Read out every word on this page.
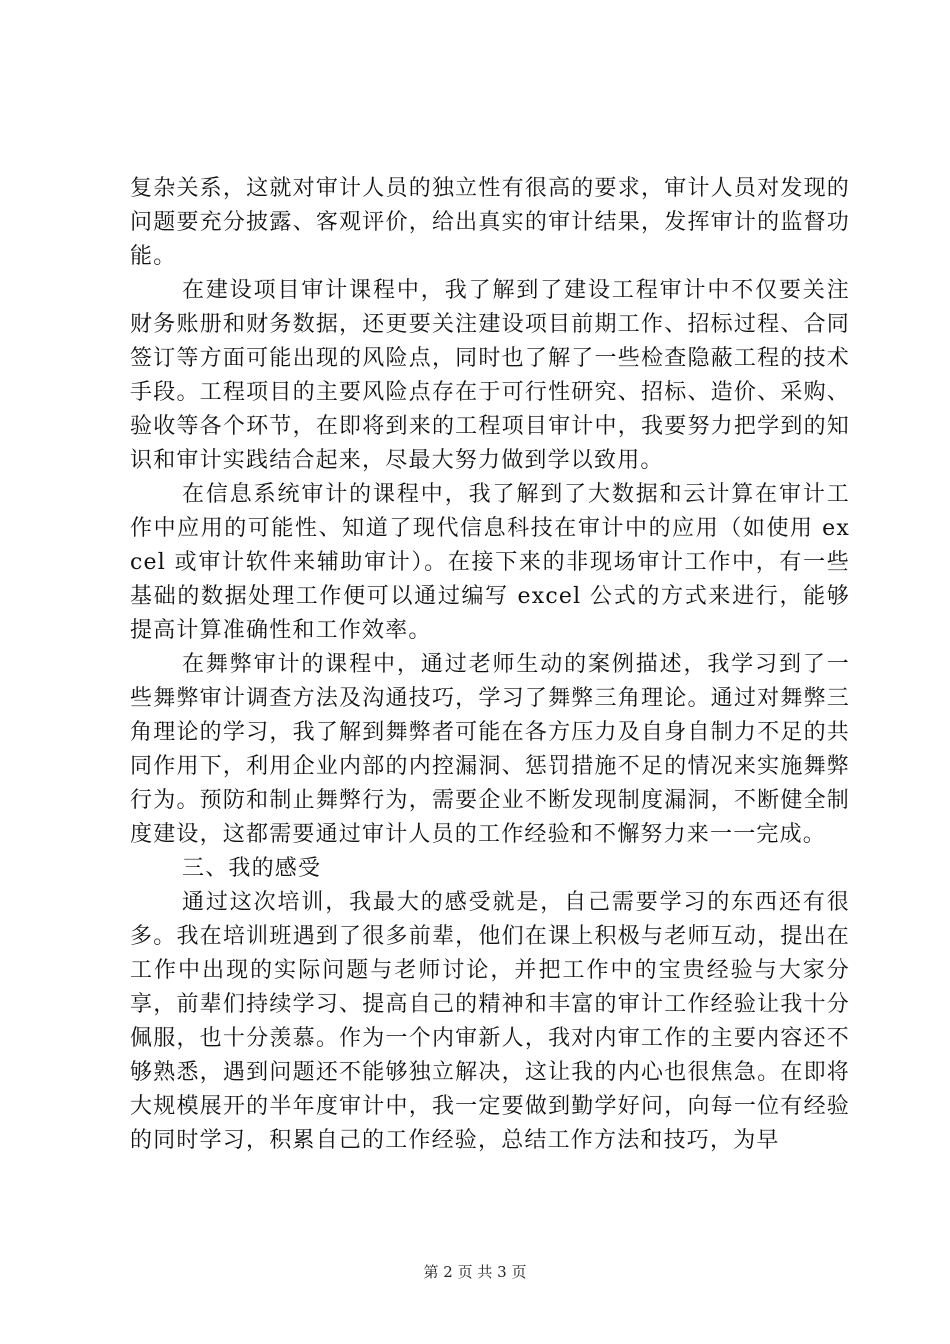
复杂关系，这就对审计人员的独立性有很高的要求，审计人员对发现的问题要充分披露、客观评价，给出真实的审计结果，发挥审计的监督功能。

在建设项目审计课程中，我了解到了建设工程审计中不仅要关注财务账册和财务数据，还更要关注建设项目前期工作、招标过程、合同签订等方面可能出现的风险点，同时也了解了一些检查隐蔽工程的技术手段。工程项目的主要风险点存在于可行性研究、招标、造价、采购、验收等各个环节，在即将到来的工程项目审计中，我要努力把学到的知识和审计实践结合起来，尽最大努力做到学以致用。

在信息系统审计的课程中，我了解到了大数据和云计算在审计工作中应用的可能性、知道了现代信息科技在审计中的应用（如使用 excel 或审计软件来辅助审计）。在接下来的非现场审计工作中，有一些基础的数据处理工作便可以通过编写 excel 公式的方式来进行，能够提高计算准确性和工作效率。

在舞弊审计的课程中，通过老师生动的案例描述，我学习到了一些舞弊审计调查方法及沟通技巧，学习了舞弊三角理论。通过对舞弊三角理论的学习，我了解到舞弊者可能在各方压力及自身自制力不足的共同作用下，利用企业内部的内控漏洞、惩罚措施不足的情况来实施舞弊行为。预防和制止舞弊行为，需要企业不断发现制度漏洞，不断健全制度建设，这都需要通过审计人员的工作经验和不懈努力来一一完成。

三、我的感受

通过这次培训，我最大的感受就是，自己需要学习的东西还有很多。我在培训班遇到了很多前辈，他们在课上积极与老师互动，提出在工作中出现的实际问题与老师讨论，并把工作中的宝贵经验与大家分享，前辈们持续学习、提高自己的精神和丰富的审计工作经验让我十分佩服，也十分羡慕。作为一个内审新人，我对内审工作的主要内容还不够熟悉，遇到问题还不能够独立解决，这让我的内心也很焦急。在即将大规模展开的半年度审计中，我一定要做到勤学好问，向每一位有经验的同时学习，积累自己的工作经验，总结工作方法和技巧，为早

第 2 页 共 3 页
